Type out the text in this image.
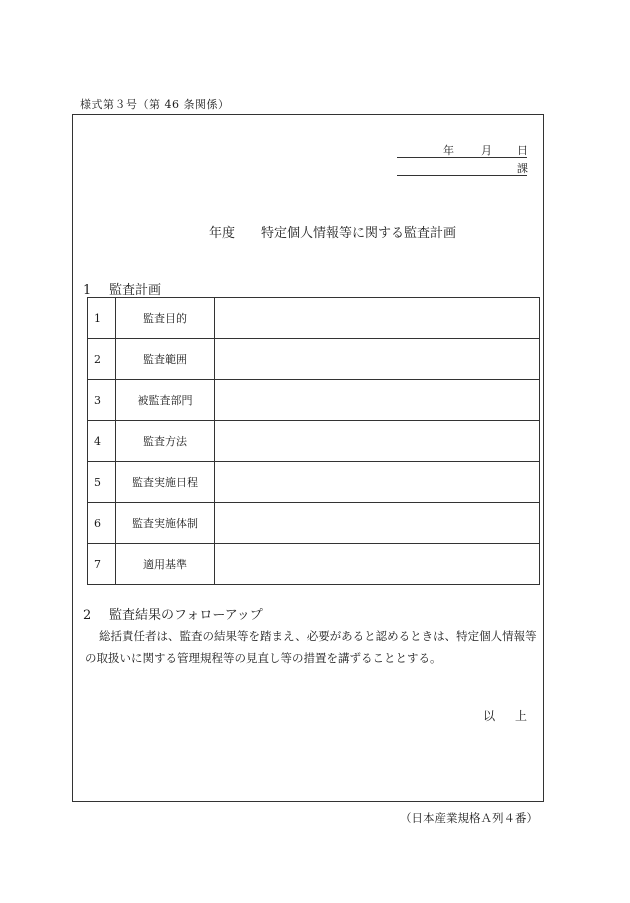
様式第３号（第 46 条関係）
年 月 日
課
年度 特定個人情報等に関する監査計画
1 監査計画
1	監査目的	
2	監査範囲	
3	被監査部門	
4	監査方法	
5	監査実施日程	
6	監査実施体制	
7	適用基準	
2 監査結果のフォローアップ

総括責任者は、監査の結果等を踏まえ、必要があると認めるときは、特定個人情報等の取扱いに関する管理規程等の見直し等の措置を講ずることとする。

以 上
（日本産業規格Ａ列４番）
